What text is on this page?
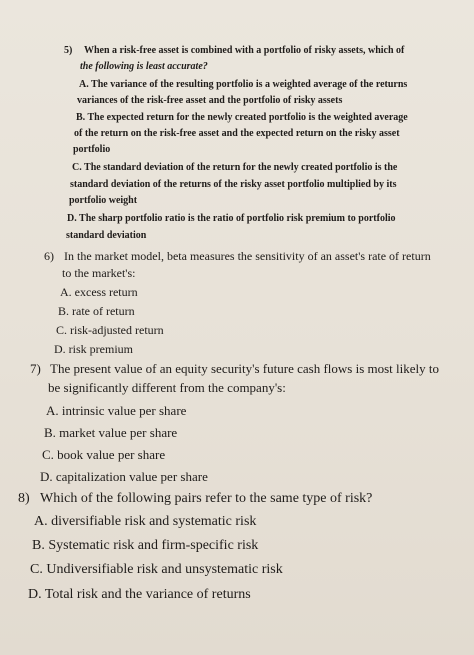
5) When a risk-free asset is combined with a portfolio of risky assets, which of
the following is least accurate?
A. The variance of the resulting portfolio is a weighted average of the returns
variances of the risk-free asset and the portfolio of risky assets
B. The expected return for the newly created portfolio is the weighted average
of the return on the risk-free asset and the expected return on the risky asset
portfolio
C. The standard deviation of the return for the newly created portfolio is the
standard deviation of the returns of the risky asset portfolio multiplied by its
portfolio weight
D. The sharp portfolio ratio is the ratio of portfolio risk premium to portfolio
standard deviation
6) In the market model, beta measures the sensitivity of an asset's rate of return
to the market's:
A. excess return
B. rate of return
C. risk-adjusted return
D. risk premium
7) The present value of an equity security's future cash flows is most likely to
be significantly different from the company's:
A. intrinsic value per share
B. market value per share
C. book value per share
D. capitalization value per share
8) Which of the following pairs refer to the same type of risk?
A. diversifiable risk and systematic risk
B. Systematic risk and firm-specific risk
C. Undiversifiable risk and unsystematic risk
D. Total risk and the variance of returns
